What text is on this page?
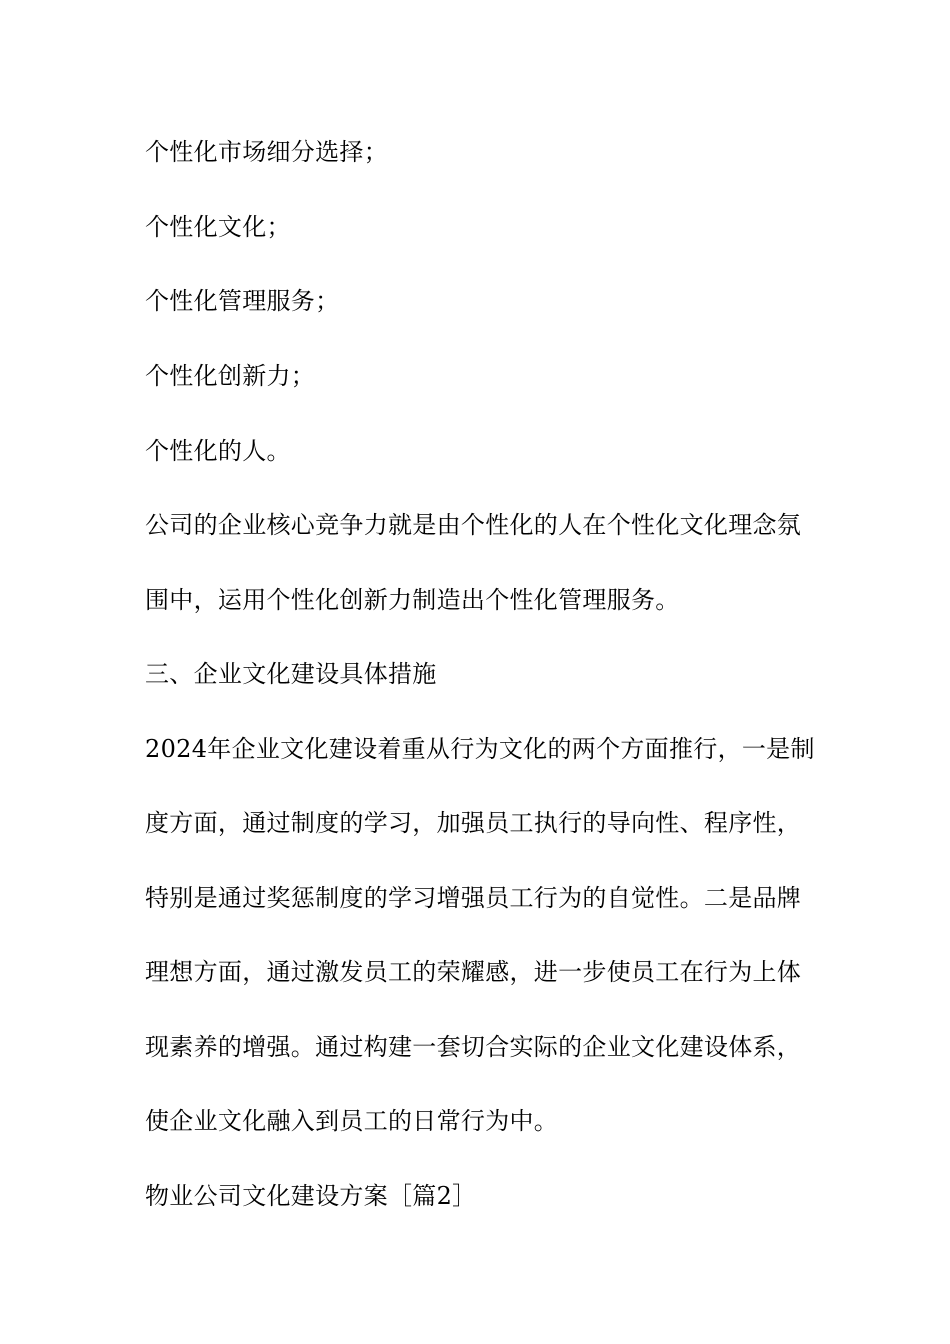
个性化市场细分选择；
个性化文化；
个性化管理服务；
个性化创新力；
个性化的人。
公司的企业核心竞争力就是由个性化的人在个性化文化理念氛
围中，运用个性化创新力制造出个性化管理服务。
三、企业文化建设具体措施
2024年企业文化建设着重从行为文化的两个方面推行，一是制
度方面，通过制度的学习，加强员工执行的导向性、程序性，
特别是通过奖惩制度的学习增强员工行为的自觉性。二是品牌
理想方面，通过激发员工的荣耀感，进一步使员工在行为上体
现素养的增强。通过构建一套切合实际的企业文化建设体系，
使企业文化融入到员工的日常行为中。
物业公司文化建设方案［篇2］
